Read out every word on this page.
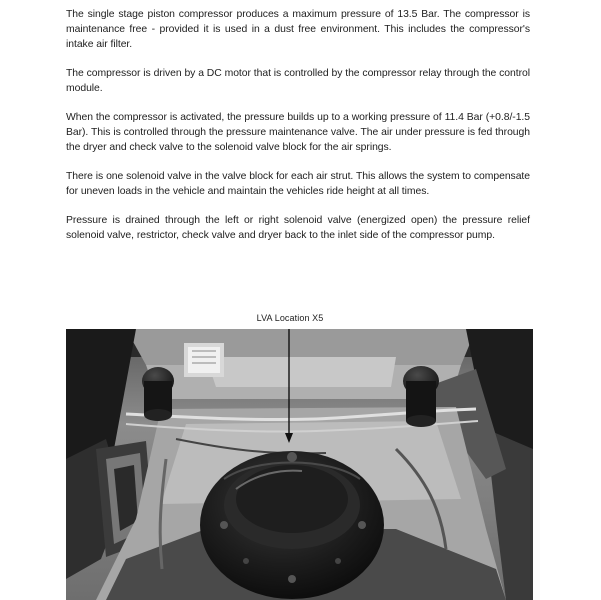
The single stage piston compressor produces a maximum pressure of 13.5 Bar. The compressor is maintenance free - provided it is used in a dust free environment. This includes the compressor's intake air filter.

The compressor is driven by a DC motor that is controlled by the compressor relay through the control module.

When the compressor is activated, the pressure builds up to a working pressure of 11.4 Bar (+0.8/-1.5 Bar). This is controlled through the pressure maintenance valve. The air under pressure is fed through the dryer and check valve to the solenoid valve block for the air springs.

There is one solenoid valve in the valve block for each air strut. This allows the system to compensate for uneven loads in the vehicle and maintain the vehicles ride height at all times.

Pressure is drained through the left or right solenoid valve (energized open) the pressure relief solenoid valve, restrictor, check valve and dryer back to the inlet side of the compressor pump.

LVA Location X5
